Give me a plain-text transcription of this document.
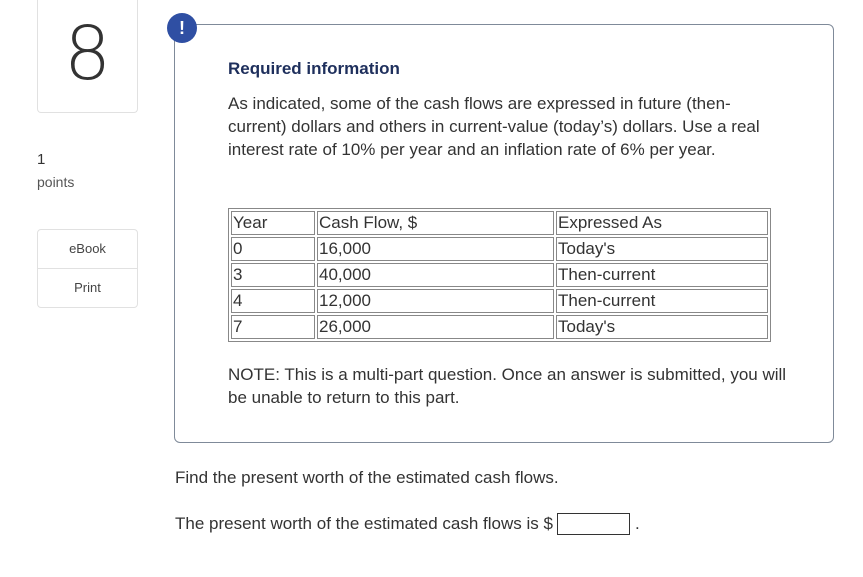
8
1
points
eBook
Print
!
Required information

As indicated, some of the cash flows are expressed in future (then-current) dollars and others in current-value (today’s) dollars. Use a real interest rate of 10% per year and an inflation rate of 6% per year.

Year	Cash Flow, $	Expressed As
0	16,000	Today's
3	40,000	Then-current
4	12,000	Then-current
7	26,000	Today's

NOTE: This is a multi-part question. Once an answer is submitted, you will be unable to return to this part.

Find the present worth of the estimated cash flows.
The present worth of the estimated cash flows is $	.
